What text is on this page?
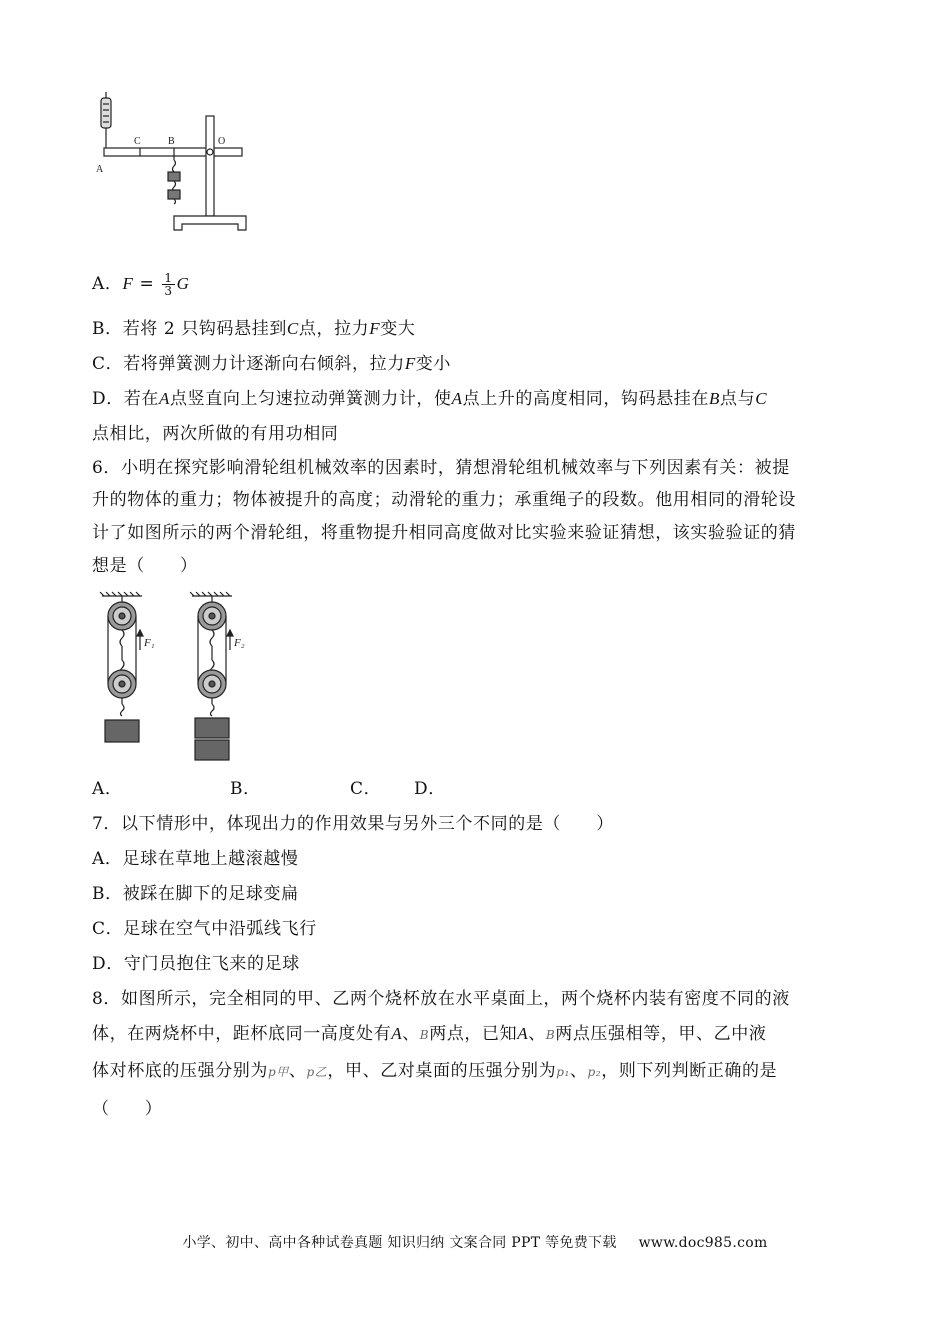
C	B	O
A
A．$F = \frac{1}{3}$ G
B．若将 2 只钩码悬挂到C点，拉力F变大
C．若将弹簧测力计逐渐向右倾斜，拉力F变小
D．若在A点竖直向上匀速拉动弹簧测力计，使A点上升的高度相同，钩码悬挂在B点与C
点相比，两次所做的有用功相同
6．小明在探究影响滑轮组机械效率的因素时，猜想滑轮组机械效率与下列因素有关：被提
升的物体的重力；物体被提升的高度；动滑轮的重力；承重绳子的段数。他用相同的滑轮设
计了如图所示的两个滑轮组，将重物提升相同高度做对比实验来验证猜想，该实验验证的猜
想是（　　）
F₁	F₂
A．	B．	C． D．
7．以下情形中，体现出力的作用效果与另外三个不同的是（　　）
A．足球在草地上越滚越慢
B．被踩在脚下的足球变扁
C．足球在空气中沿弧线飞行
D．守门员抱住飞来的足球
8．如图所示，完全相同的甲、乙两个烧杯放在水平桌面上，两个烧杯内装有密度不同的液
体，在两烧杯中，距杯底同一高度处有A、B两点，已知A、B两点压强相等，甲、乙中液
体对杯底的压强分别为p甲、p乙，甲、乙对桌面的压强分别为p₁、p₂，则下列判断正确的是
（　　）
小学、初中、高中各种试卷真题 知识归纳 文案合同 PPT 等免费下载 www.doc985.com
